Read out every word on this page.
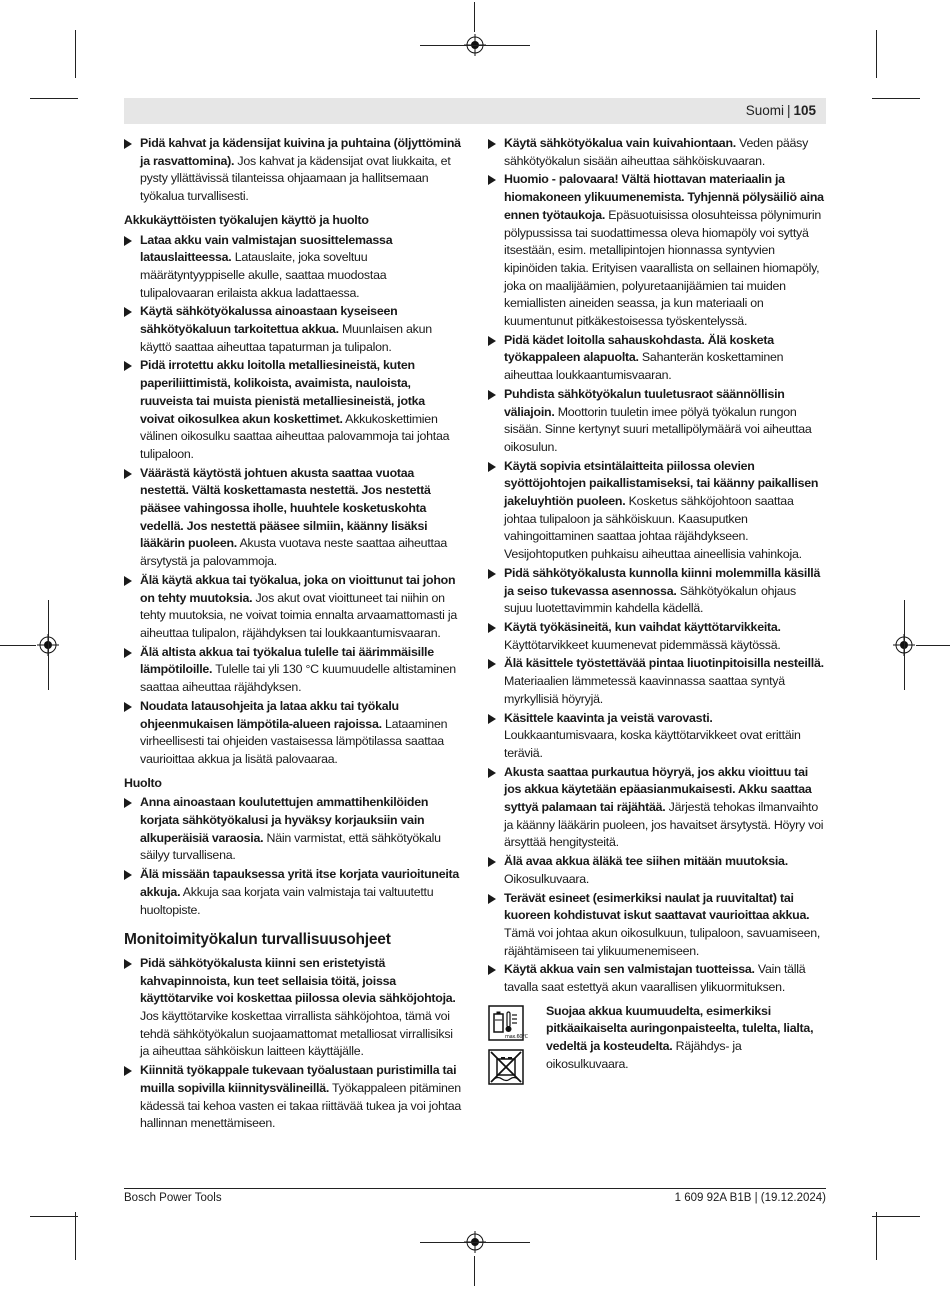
Suomi | 105
Pidä kahvat ja kädensijat kuivina ja puhtaina (öljyttöminä ja rasvattomina). Jos kahvat ja kädensijat ovat liukkaita, et pysty yllättävissä tilanteissa ohjaamaan ja hallitsemaan työkalua turvallisesti.
Akkukäyttöisten työkalujen käyttö ja huolto
Lataa akku vain valmistajan suosittelemassa latauslaitteessa. Latauslaite, joka soveltuu määrätyntyyppiselle akulle, saattaa muodostaa tulipalovaaran erilaista akkua ladattaessa.
Käytä sähkötyökalussa ainoastaan kyseiseen sähkötyökaluun tarkoitettua akkua. Muunlaisen akun käyttö saattaa aiheuttaa tapaturman ja tulipalon.
Pidä irrotettu akku loitolla metalliesineistä, kuten paperiliittimistä, kolikoista, avaimista, nauloista, ruuveista tai muista pienistä metalliesineistä, jotka voivat oikosulkea akun koskettimet. Akkukoskettimien välinen oikosulku saattaa aiheuttaa palovammoja tai johtaa tulipaloon.
Väärästä käytöstä johtuen akusta saattaa vuotaa nestettä. Vältä koskettamasta nestettä. Jos nestettä pääsee vahingossa iholle, huuhtele kosketuskohta vedellä. Jos nestettä pääsee silmiin, käänny lisäksi lääkärin puoleen. Akusta vuotava neste saattaa aiheuttaa ärsytystä ja palovammoja.
Älä käytä akkua tai työkalua, joka on vioittunut tai johon on tehty muutoksia. Jos akut ovat vioittuneet tai niihin on tehty muutoksia, ne voivat toimia ennalta arvaamattomasti ja aiheuttaa tulipalon, räjähdyksen tai loukkaantumisvaaran.
Älä altista akkua tai työkalua tulelle tai äärimmäisille lämpötiloille. Tulelle tai yli 130 °C kuumuudelle altistaminen saattaa aiheuttaa räjähdyksen.
Noudata latausohjeita ja lataa akku tai työkalu ohjeenmukaisen lämpötila-alueen rajoissa. Lataaminen virheellisesti tai ohjeiden vastaisessa lämpötilassa saattaa vaurioittaa akkua ja lisätä palovaaraa.
Huolto
Anna ainoastaan koulutettujen ammattihenkilöiden korjata sähkötyökalusi ja hyväksy korjauksiin vain alkuperäisiä varaosia. Näin varmistat, että sähkötyökalu säilyy turvallisena.
Älä missään tapauksessa yritä itse korjata vaurioituneita akkuja. Akkuja saa korjata vain valmistaja tai valtuutettu huoltopiste.
Monitoimityökalun turvallisuusohjeet
Pidä sähkötyökalusta kiinni sen eristetyistä kahvapinnoista, kun teet sellaisia töitä, joissa käyttötarvike voi koskettaa piilossa olevia sähköjohtoja. Jos käyttötarvike koskettaa virrallista sähköjohtoa, tämä voi tehdä sähkötyökalun suojaamattomat metalliosat virrallisiksi ja aiheuttaa sähköiskun laitteen käyttäjälle.
Kiinnitä työkappale tukevaan työalustaan puristimilla tai muilla sopivilla kiinnitysvälineillä. Työkappaleen pitäminen kädessä tai kehoa vasten ei takaa riittävää tukea ja voi johtaa hallinnan menettämiseen.
Käytä sähkötyökalua vain kuivahiontaan. Veden pääsy sähkötyökalun sisään aiheuttaa sähköiskuvaaran.
Huomio - palovaara! Vältä hiottavan materiaalin ja hiomakoneen ylikuumenemista. Tyhjennä pölysäiliö aina ennen työtaukoja. Epäsuotuisissa olosuhteissa pölynimurin pölypussissa tai suodattimessa oleva hiomapöly voi syttyä itsestään, esim. metallipintojen hionnassa syntyvien kipinöiden takia. Erityisen vaarallista on sellainen hiomapöly, joka on maalijäämien, polyuretaanijäämien tai muiden kemiallisten aineiden seassa, ja kun materiaali on kuumentunut pitkäkestoisessa työskentelyssä.
Pidä kädet loitolla sahauskohdasta. Älä kosketa työkappaleen alapuolta. Sahanterän koskettaminen aiheuttaa loukkaantumisvaaran.
Puhdista sähkötyökalun tuuletusraot säännöllisin väliajoin. Moottorin tuuletin imee pölyä työkalun rungon sisään. Sinne kertynyt suuri metallipölymäärä voi aiheuttaa oikosulun.
Käytä sopivia etsintälaitteita piilossa olevien syöttöjohtojen paikallistamiseksi, tai käänny paikallisen jakeluyhtiön puoleen. Kosketus sähköjohtoon saattaa johtaa tulipaloon ja sähköiskuun. Kaasuputken vahingoittaminen saattaa johtaa räjähdykseen. Vesijohtoputken puhkaisu aiheuttaa aineellisia vahinkoja.
Pidä sähkötyökalusta kunnolla kiinni molemmilla käsillä ja seiso tukevassa asennossa. Sähkötyökalun ohjaus sujuu luotettavimmin kahdella kädellä.
Käytä työkäsineitä, kun vaihdat käyttötarvikkeita. Käyttötarvikkeet kuumenevat pidemmässä käytössä.
Älä käsittele työstettävää pintaa liuotinpitoisilla nesteillä. Materiaalien lämmetessä kaavinnassa saattaa syntyä myrkyllisiä höyryjä.
Käsittele kaavinta ja veistä varovasti. Loukkaantumisvaara, koska käyttötarvikkeet ovat erittäin teräviä.
Akusta saattaa purkautua höyryä, jos akku vioittuu tai jos akkua käytetään epäasianmukaisesti. Akku saattaa syttyä palamaan tai räjähtää. Järjestä tehokas ilmanvaihto ja käänny lääkärin puoleen, jos havaitset ärsytystä. Höyry voi ärsyttää hengitysteitä.
Älä avaa akkua äläkä tee siihen mitään muutoksia. Oikosulkuvaara.
Terävät esineet (esimerkiksi naulat ja ruuvitaltat) tai kuoreen kohdistuvat iskut saattavat vaurioittaa akkua. Tämä voi johtaa akun oikosulkuun, tulipaloon, savuamiseen, räjähtämiseen tai ylikuumenemiseen.
Käytä akkua vain sen valmistajan tuotteissa. Vain tällä tavalla saat estettyä akun vaarallisen ylikuormituksen.
max.60°C
Suojaa akkua kuumuudelta, esimerkiksi pitkäaikaiselta auringonpaisteelta, tulelta, lialta, vedeltä ja kosteudelta. Räjähdys- ja oikosulkuvaara.
Bosch Power Tools	1 609 92A B1B | (19.12.2024)
